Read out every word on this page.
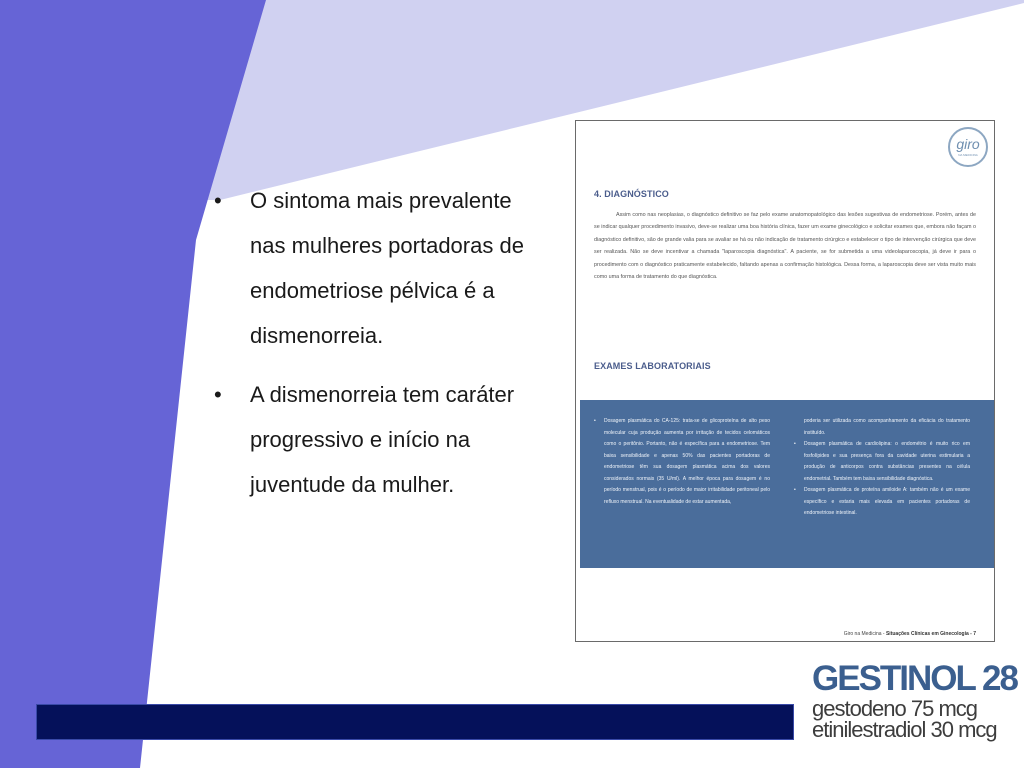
•	O sintoma mais prevalente nas mulheres portadoras de endometriose pélvica é a dismenorreia.
•	A dismenorreia tem caráter progressivo e início na juventude da mulher.
giro
NA MEDICINA
4. DIAGNÓSTICO

Assim como nas neoplasias, o diagnóstico definitivo se faz pelo exame anatomopatológico das lesões sugestivas de endometriose. Porém, antes de se indicar qualquer procedimento invasivo, deve-se realizar uma boa história clínica, fazer um exame ginecológico e solicitar exames que, embora não façam o diagnóstico definitivo, são de grande valia para se avaliar se há ou não indicação de tratamento cirúrgico e estabelecer o tipo de intervenção cirúrgica que deve ser realizada. Não se deve incentivar a chamada "laparoscopia diagnóstica". A paciente, se for submetida a uma videolaparoscopia, já deve ir para o procedimento com o diagnóstico praticamente estabelecido, faltando apenas a confirmação histológica. Dessa forma, a laparoscopia deve ser vista muito mais como uma forma de tratamento do que diagnóstica.

EXAMES LABORATORIAIS
• Dosagem plasmática do CA-125: trata-se de glicoproteína de alto peso molecular cuja produção aumenta por irritação de tecidos celomáticos como o peritônio. Portanto, não é específica para a endometriose. Tem baixa sensibilidade e apenas 50% das pacientes portadoras de endometriose têm sua dosagem plasmática acima dos valores considerados normais (35 U/ml). A melhor época para dosagem é no período menstrual, pois é o período de maior irritabilidade peritoneal pelo refluxo menstrual. Na eventualidade de estar aumentada,
poderia ser utilizada como acompanhamento da eficácia do tratamento instituído.
• Dosagem plasmática de cardiolipina: o endométrio é muito rico em fosfolípides e sua presença fora da cavidade uterina estimularia a produção de anticorpos contra substâncias presentes na célula endometrial. Também tem baixa sensibilidade diagnóstica.
• Dosagem plasmática de proteína amiloide A: também não é um exame específico e estaria mais elevada em pacientes portadoras de endometriose intestinal.
Giro na Medicina - Situações Clínicas em Ginecologia - 7
GESTINOL 28
gestodeno 75 mcg
etinilestradiol 30 mcg
